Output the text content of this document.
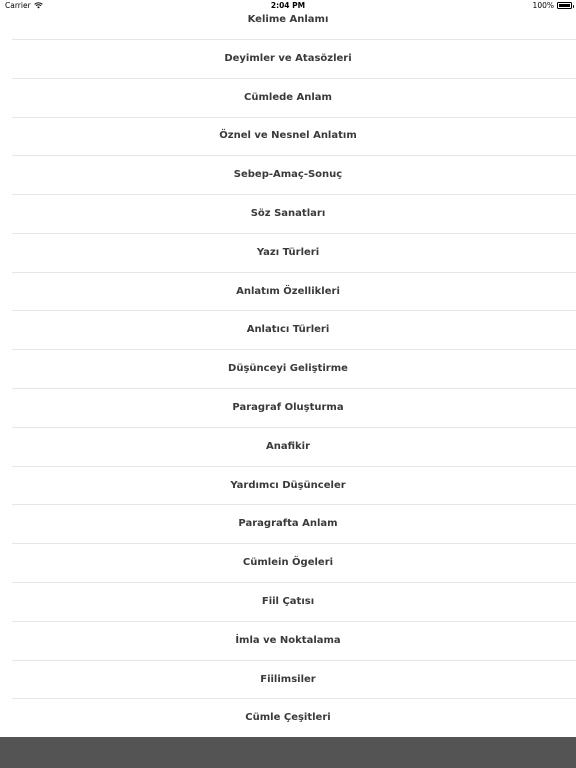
Kelime Anlamı
Deyimler ve Atasözleri
Cümlede Anlam
Öznel ve Nesnel Anlatım
Sebep-Amaç-Sonuç
Söz Sanatları
Yazı Türleri
Anlatım Özellikleri
Anlatıcı Türleri
Düşünceyi Geliştirme
Paragraf Oluşturma
Anafikir
Yardımcı Düşünceler
Paragrafta Anlam
Cümlein Ögeleri
Fiil Çatısı
İmla ve Noktalama
Fiilimsiler
Cümle Çeşitleri
Carrier	2:04 PM	100%
